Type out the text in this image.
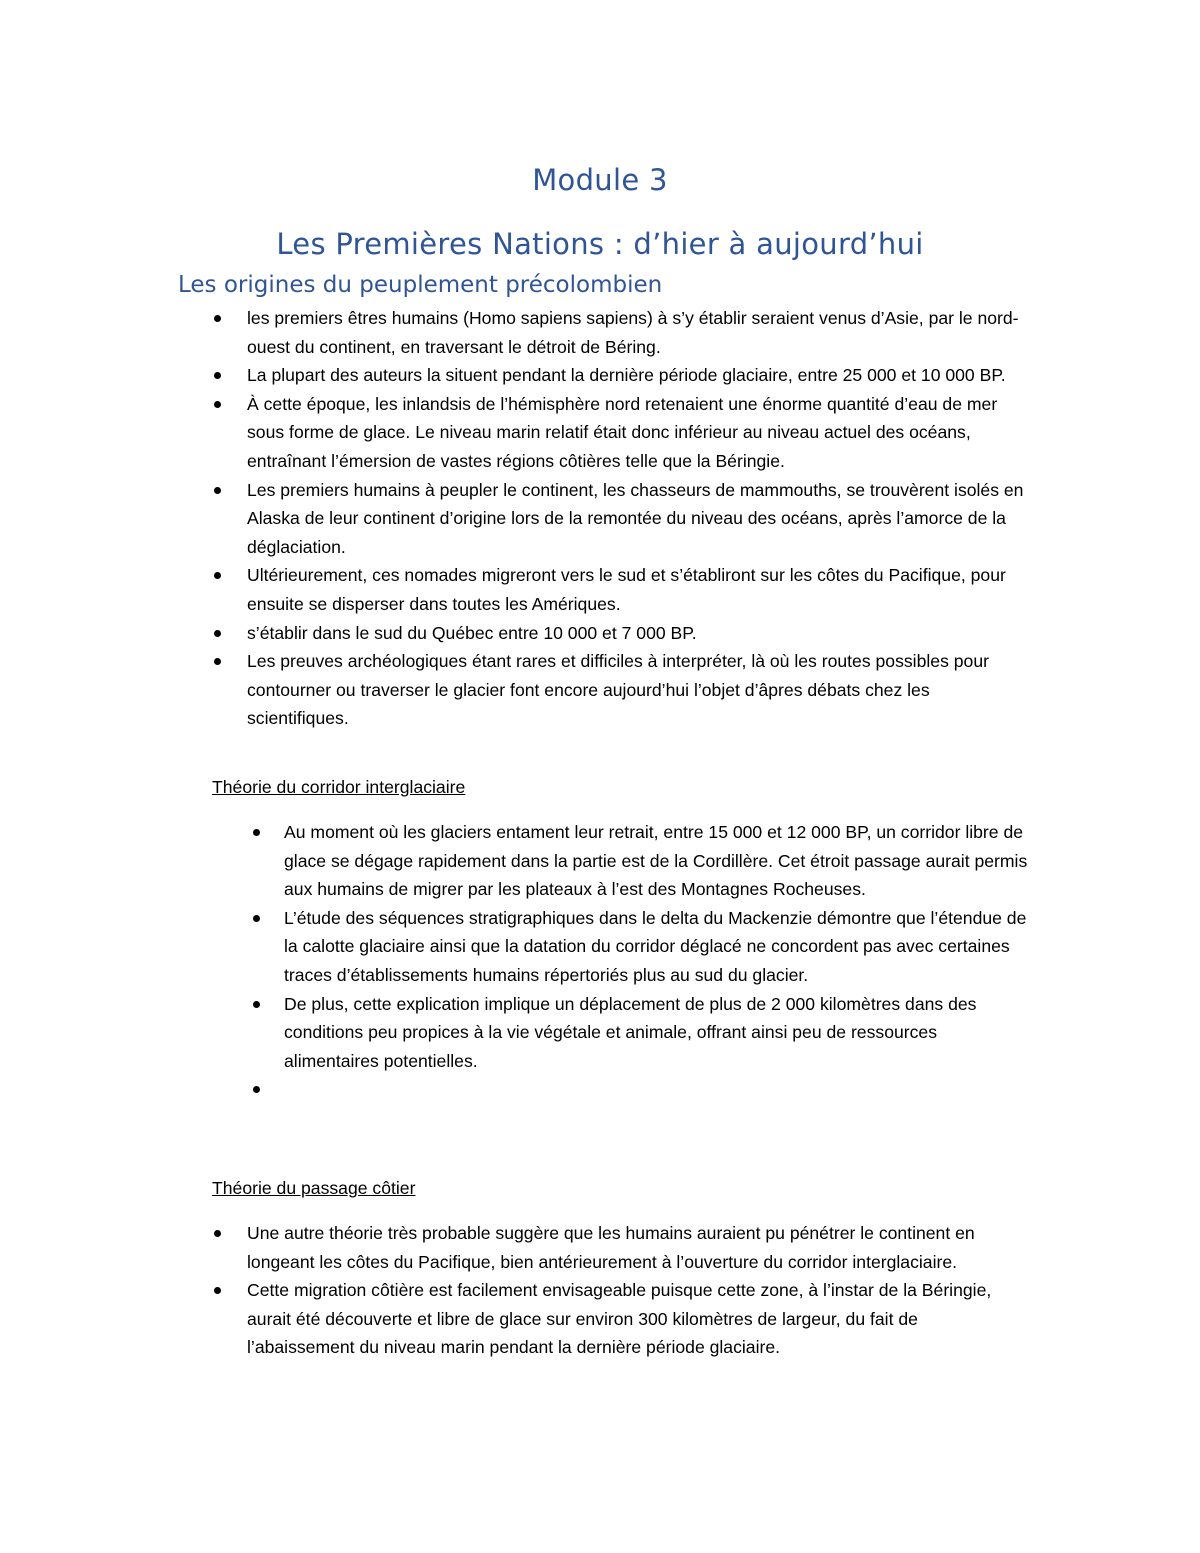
Module 3
Les Premières Nations : d’hier à aujourd’hui
Les origines du peuplement précolombien
les premiers êtres humains (Homo sapiens sapiens) à s’y établir seraient venus d’Asie, par le nord-ouest du continent, en traversant le détroit de Béring.
La plupart des auteurs la situent pendant la dernière période glaciaire, entre 25 000 et 10 000 BP.
À cette époque, les inlandsis de l’hémisphère nord retenaient une énorme quantité d’eau de mer sous forme de glace. Le niveau marin relatif était donc inférieur au niveau actuel des océans, entraînant l’émersion de vastes régions côtières telle que la Béringie.
Les premiers humains à peupler le continent, les chasseurs de mammouths, se trouvèrent isolés en Alaska de leur continent d’origine lors de la remontée du niveau des océans, après l’amorce de la déglaciation.
Ultérieurement, ces nomades migreront vers le sud et s’établiront sur les côtes du Pacifique, pour ensuite se disperser dans toutes les Amériques.
s’établir dans le sud du Québec entre 10 000 et 7 000 BP.
Les preuves archéologiques étant rares et difficiles à interpréter, là où les routes possibles pour contourner ou traverser le glacier font encore aujourd’hui l’objet d’âpres débats chez les scientifiques.

Théorie du corridor interglaciaire

Au moment où les glaciers entament leur retrait, entre 15 000 et 12 000 BP, un corridor libre de glace se dégage rapidement dans la partie est de la Cordillère. Cet étroit passage aurait permis aux humains de migrer par les plateaux à l’est des Montagnes Rocheuses.
L’étude des séquences stratigraphiques dans le delta du Mackenzie démontre que l’étendue de la calotte glaciaire ainsi que la datation du corridor déglacé ne concordent pas avec certaines traces d’établissements humains répertoriés plus au sud du glacier.
De plus, cette explication implique un déplacement de plus de 2 000 kilomètres dans des conditions peu propices à la vie végétale et animale, offrant ainsi peu de ressources alimentaires potentielles.

Théorie du passage côtier

Une autre théorie très probable suggère que les humains auraient pu pénétrer le continent en longeant les côtes du Pacifique, bien antérieurement à l’ouverture du corridor interglaciaire.
Cette migration côtière est facilement envisageable puisque cette zone, à l’instar de la Béringie, aurait été découverte et libre de glace sur environ 300 kilomètres de largeur, du fait de l’abaissement du niveau marin pendant la dernière période glaciaire.
